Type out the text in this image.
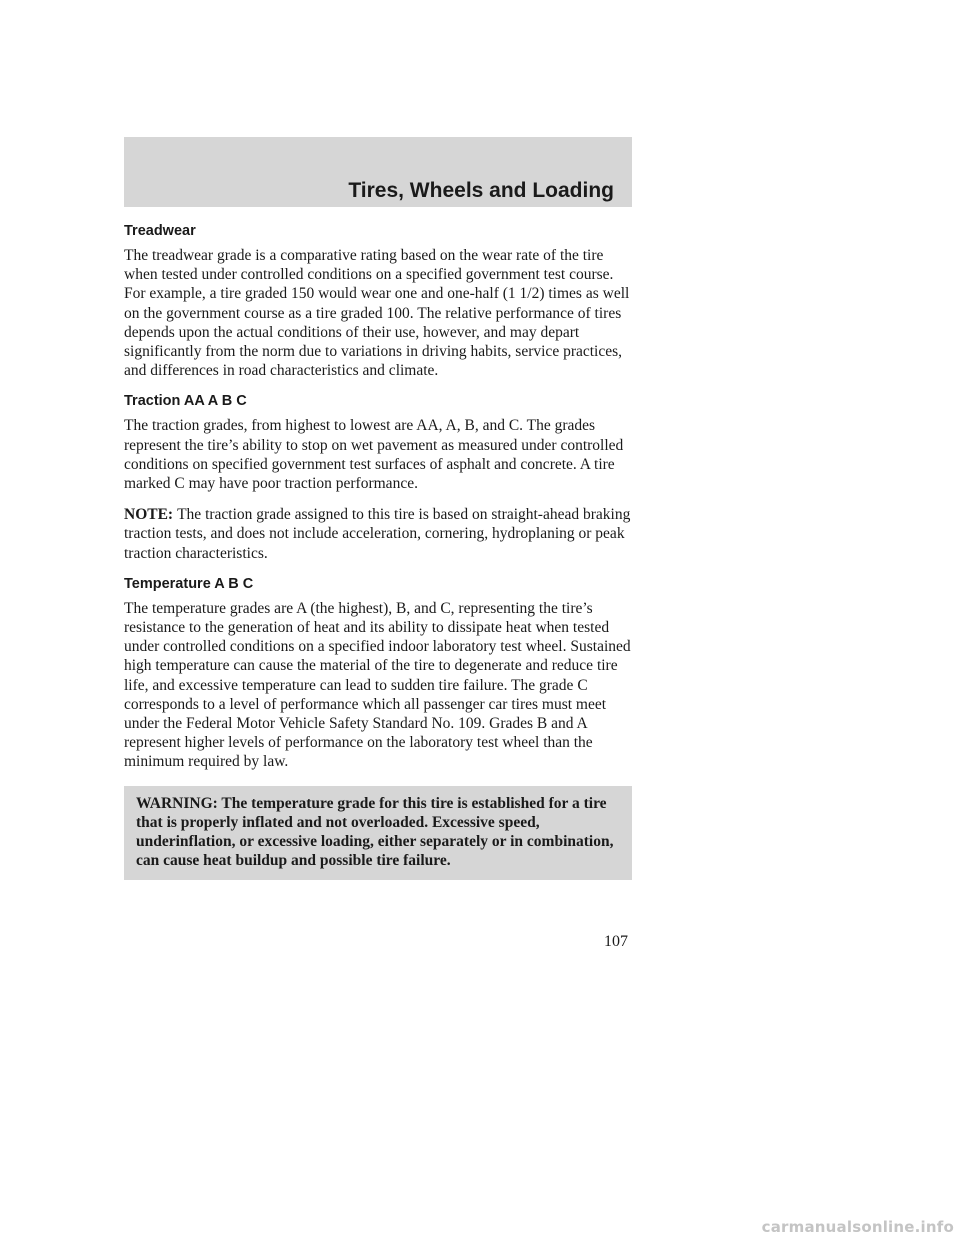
Tires, Wheels and Loading

Treadwear

The treadwear grade is a comparative rating based on the wear rate of the tire when tested under controlled conditions on a specified government test course. For example, a tire graded 150 would wear one and one-half (1 1/2) times as well on the government course as a tire graded 100. The relative performance of tires depends upon the actual conditions of their use, however, and may depart significantly from the norm due to variations in driving habits, service practices, and differences in road characteristics and climate.

Traction AA A B C

The traction grades, from highest to lowest are AA, A, B, and C. The grades represent the tire’s ability to stop on wet pavement as measured under controlled conditions on specified government test surfaces of asphalt and concrete. A tire marked C may have poor traction performance.

NOTE: The traction grade assigned to this tire is based on straight-ahead braking traction tests, and does not include acceleration, cornering, hydroplaning or peak traction characteristics.

Temperature A B C

The temperature grades are A (the highest), B, and C, representing the tire’s resistance to the generation of heat and its ability to dissipate heat when tested under controlled conditions on a specified indoor laboratory test wheel. Sustained high temperature can cause the material of the tire to degenerate and reduce tire life, and excessive temperature can lead to sudden tire failure. The grade C corresponds to a level of performance which all passenger car tires must meet under the Federal Motor Vehicle Safety Standard No. 109. Grades B and A represent higher levels of performance on the laboratory test wheel than the minimum required by law.

WARNING: The temperature grade for this tire is established for a tire that is properly inflated and not overloaded. Excessive speed, underinflation, or excessive loading, either separately or in combination, can cause heat buildup and possible tire failure.

107
carmanualsonline.info
